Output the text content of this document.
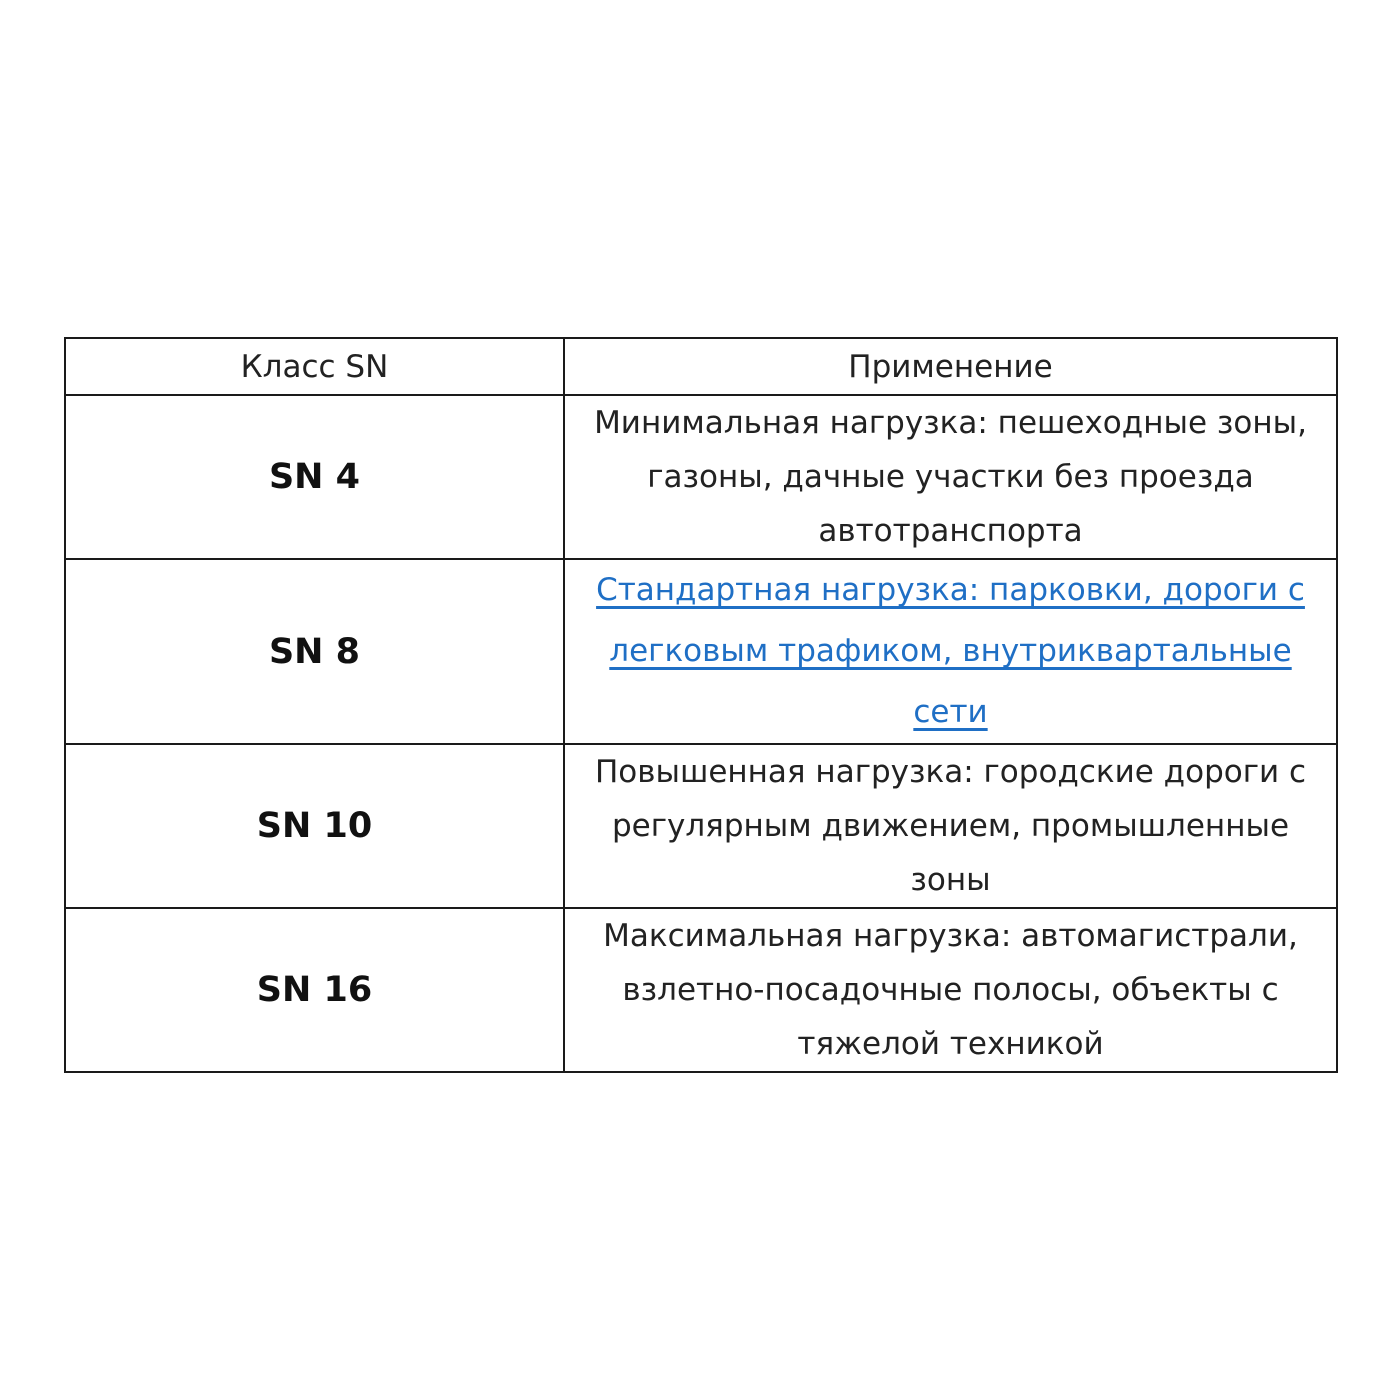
Класс SN	Применение
SN 4	Минимальная нагрузка: пешеходные зоны, газоны, дачные участки без проезда автотранспорта
SN 8	Стандартная нагрузка: парковки, дороги с легковым трафиком, внутриквартальные сети
SN 10	Повышенная нагрузка: городские дороги с регулярным движением, промышленные зоны
SN 16	Максимальная нагрузка: автомагистрали, взлетно-посадочные полосы, объекты с тяжелой техникой
